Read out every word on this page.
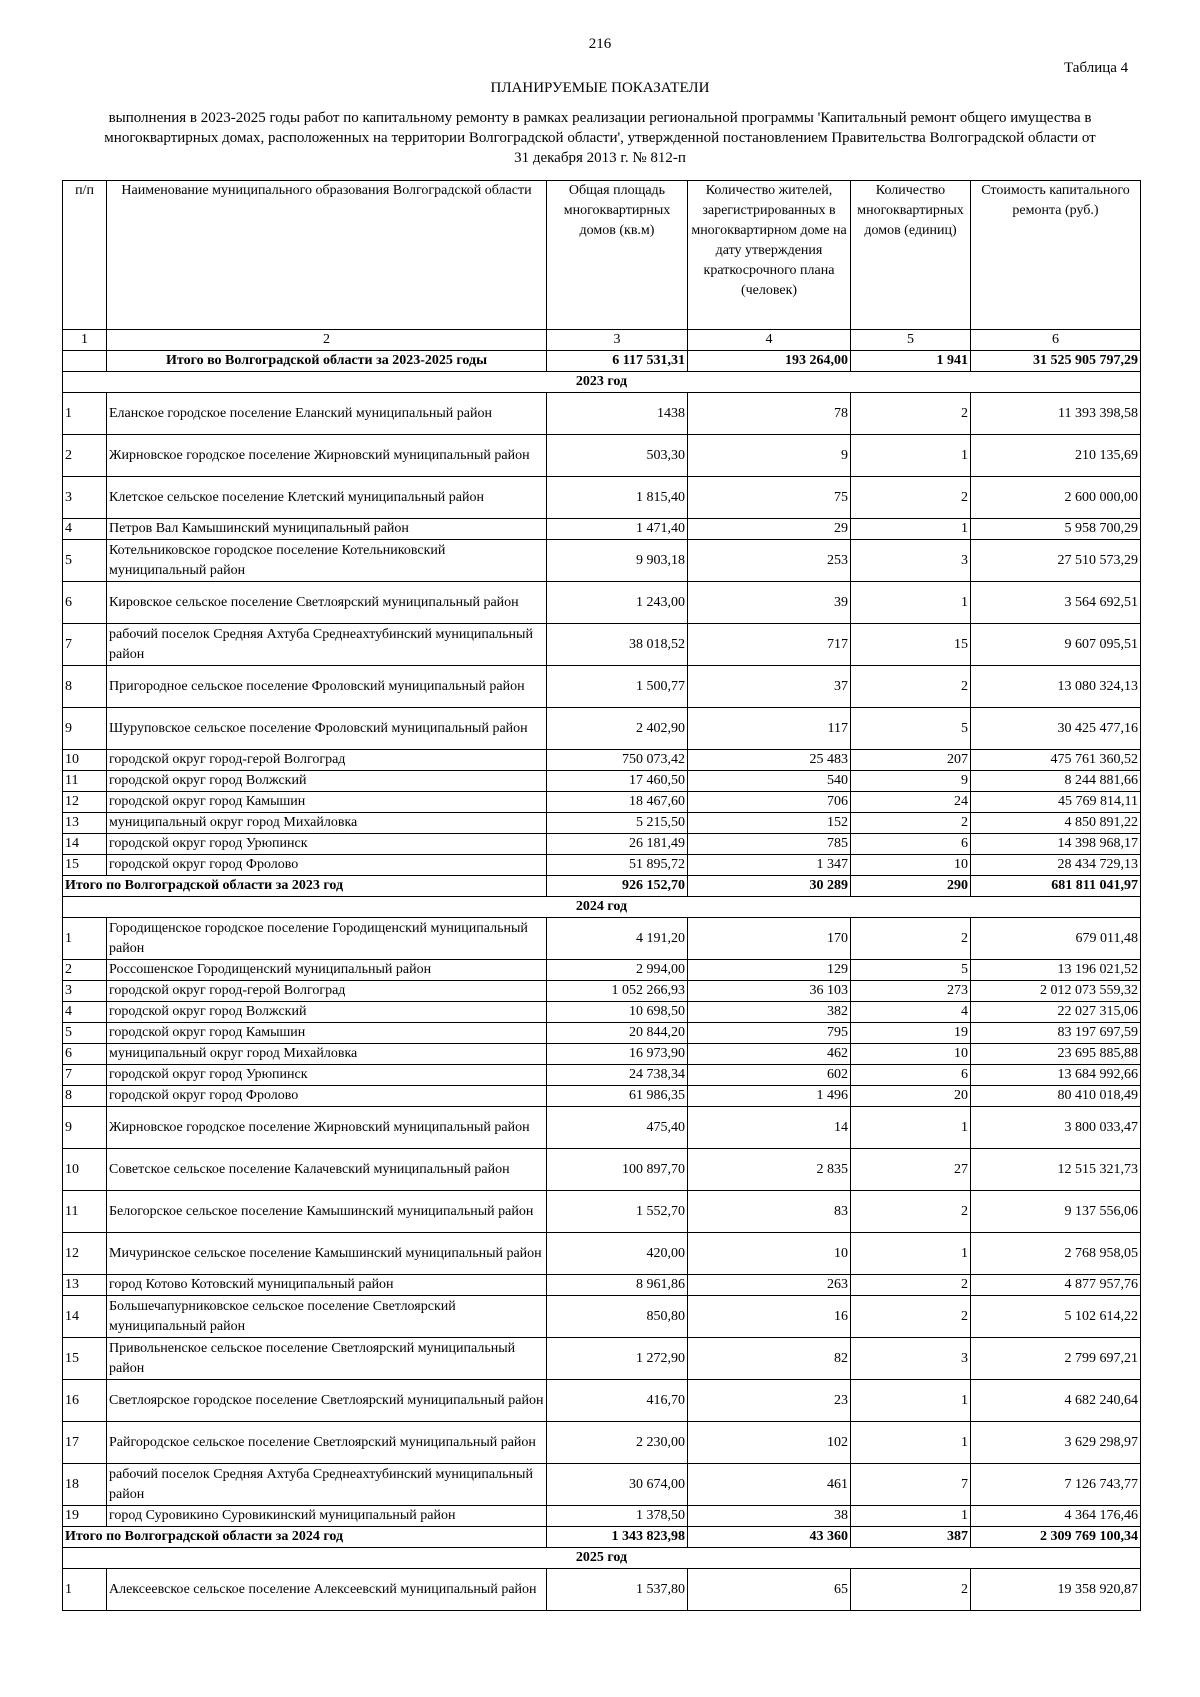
216
Таблица 4
ПЛАНИРУЕМЫЕ ПОКАЗАТЕЛИ
выполнения в 2023-2025 годы работ по капитальному ремонту в рамках реализации региональной программы 'Капитальный ремонт общего имущества в многоквартирных домах, расположенных на территории Волгоградской области', утвержденной постановлением Правительства Волгоградской области от 31 декабря 2013 г. № 812-п
п/п	Наименование муниципального образования Волгоградской области	Общая площадь многоквартирных домов (кв.м)	Количество жителей, зарегистрированных в многоквартирном доме на дату утверждения краткосрочного плана (человек)	Количество многоквартирных домов (единиц)	Стоимость капитального ремонта (руб.)
1	2	3	4	5	6
	Итого во Волгоградской области за 2023-2025 годы	6 117 531,31	193 264,00	1 941	31 525 905 797,29
2023 год					
1	Еланское городское поселение Еланский муниципальный район	1438	78	2	11 393 398,58
2	Жирновское городское поселение Жирновский муниципальный район	503,30	9	1	210 135,69
3	Клетское сельское поселение Клетский муниципальный район	1 815,40	75	2	2 600 000,00
4	Петров Вал Камышинский муниципальный район	1 471,40	29	1	5 958 700,29
5	Котельниковское городское поселение Котельниковский муниципальный район	9 903,18	253	3	27 510 573,29
6	Кировское сельское поселение Светлоярский муниципальный район	1 243,00	39	1	3 564 692,51
7	рабочий поселок Средняя Ахтуба Среднеахтубинский муниципальный район	38 018,52	717	15	9 607 095,51
8	Пригородное сельское поселение Фроловский муниципальный район	1 500,77	37	2	13 080 324,13
9	Шуруповское сельское поселение Фроловский муниципальный район	2 402,90	117	5	30 425 477,16
10	городской округ город-герой Волгоград	750 073,42	25 483	207	475 761 360,52
11	городской округ город Волжский	17 460,50	540	9	8 244 881,66
12	городской округ город Камышин	18 467,60	706	24	45 769 814,11
13	муниципальный округ город Михайловка	5 215,50	152	2	4 850 891,22
14	городской округ город Урюпинск	26 181,49	785	6	14 398 968,17
15	городской округ город Фролово	51 895,72	1 347	10	28 434 729,13
Итого по Волгоградской области за 2023 год		926 152,70	30 289	290	681 811 041,97
2024 год					
1	Городищенское городское поселение Городищенский муниципальный район	4 191,20	170	2	679 011,48
2	Россошенское Городищенский муниципальный район	2 994,00	129	5	13 196 021,52
3	городской округ город-герой Волгоград	1 052 266,93	36 103	273	2 012 073 559,32
4	городской округ город Волжский	10 698,50	382	4	22 027 315,06
5	городской округ город Камышин	20 844,20	795	19	83 197 697,59
6	муниципальный округ город Михайловка	16 973,90	462	10	23 695 885,88
7	городской округ город Урюпинск	24 738,34	602	6	13 684 992,66
8	городской округ город Фролово	61 986,35	1 496	20	80 410 018,49
9	Жирновское городское поселение Жирновский муниципальный район	475,40	14	1	3 800 033,47
10	Советское сельское поселение Калачевский муниципальный район	100 897,70	2 835	27	12 515 321,73
11	Белогорское сельское поселение Камышинский муниципальный район	1 552,70	83	2	9 137 556,06
12	Мичуринское сельское поселение Камышинский муниципальный район	420,00	10	1	2 768 958,05
13	город Котово Котовский муниципальный район	8 961,86	263	2	4 877 957,76
14	Большечапурниковское сельское поселение Светлоярский муниципальный район	850,80	16	2	5 102 614,22
15	Привольненское сельское поселение Светлоярский муниципальный район	1 272,90	82	3	2 799 697,21
16	Светлоярское городское поселение Светлоярский муниципальный район	416,70	23	1	4 682 240,64
17	Райгородское сельское поселение Светлоярский муниципальный район	2 230,00	102	1	3 629 298,97
18	рабочий поселок Средняя Ахтуба Среднеахтубинский муниципальный район	30 674,00	461	7	7 126 743,77
19	город Суровикино Суровикинский муниципальный район	1 378,50	38	1	4 364 176,46
Итого по Волгоградской области за 2024 год		1 343 823,98	43 360	387	2 309 769 100,34
2025 год					
1	Алексеевское сельское поселение Алексеевский муниципальный район	1 537,80	65	2	19 358 920,87
